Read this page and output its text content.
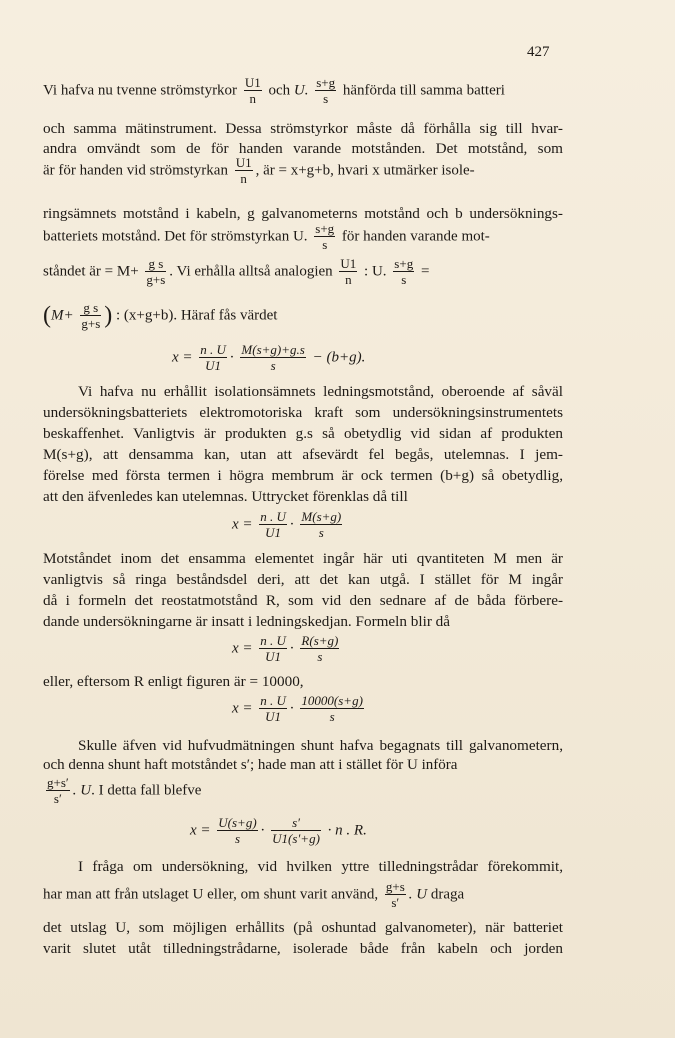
427
Vi hafva nu tvenne strömstyrkor $\frac{U1}{n}$ och U. $\frac{s+g}{s}$ hänförda till samma batteri
och samma mätinstrument. Dessa strömstyrkor måste då förhålla sig till hvar-
andra omvändt som de för handen varande motstånden. Det motstånd, som
är för handen vid strömstyrkan $\frac{U1}{n}$ , är = x+g+b, hvari x utmärker isole-
ringsämnets motstånd i kabeln, g galvanometerns motstånd och b undersöknings-
batteriets motstånd. Det för strömstyrkan U. $\frac{s+g}{s}$ för handen varande mot-
ståndet är = $M+ \frac{\text{g s}}{g+s}$ . Vi erhålla alltså analogien $\frac{U1}{n}$ : U. $\frac{s+g}{s}$ =
($M+ \frac{\text{g s}}{g+s}$ ) : (x+g+b). Häraf fås värdet
$x = \frac{n . U}{U1} \cdot \frac{M(s+g)+g.s}{s} - (b+g)$.
Vi hafva nu erhållit isolationsämnets ledningsmotstånd, oberoende af såväl
undersökningsbatteriets elektromotoriska kraft som undersökningsinstrumentets
beskaffenhet. Vanligtvis är produkten g.s så obetydlig vid sidan af produkten
M(s+g), att densamma kan, utan att afsevärdt fel begås, utelemnas. I jem-
förelse med första termen i högra membrum är ock termen (b+g) så obetydlig,
att den äfvenledes kan utelemnas. Uttrycket förenklas då till
$x = \frac{n . U}{U1} \cdot \frac{M(s+g)}{s}$
Motståndet inom det ensamma elementet ingår här uti qvantiteten M men är
vanligtvis så ringa beståndsdel deri, att det kan utgå. I stället för M ingår
då i formeln det reostatmotstånd R, som vid den sednare af de båda förbere-
dande undersökningarne är insatt i ledningskedjan. Formeln blir då
$x = \frac{n . U}{U1} \cdot \frac{R(s+g)}{s}$
eller, eftersom R enligt figuren är = 10000,
$x = \frac{n . U}{U1} \cdot \frac{10000(s+g)}{s}$
Skulle äfven vid hufvudmätningen shunt hafva begagnats till galvanometern,
och denna shunt haft motståndet s′; hade man att i stället för U införa
$\frac{g+s'}{s'}$ . U. I detta fall blefve
$x = \frac{U(s+g)}{s} \cdot \frac{s'}{U1(s'+g)} \cdot n$ . R.
I fråga om undersökning, vid hvilken yttre tilledningstrådar förekommit,
har man att från utslaget U eller, om shunt varit använd, $\frac{g+s}{s'}$ . U draga
det utslag U, som möjligen erhållits (på oshuntad galvanometer), när batteriet
varit slutet utåt tilledningstrådarne, isolerade både från kabeln och jorden
